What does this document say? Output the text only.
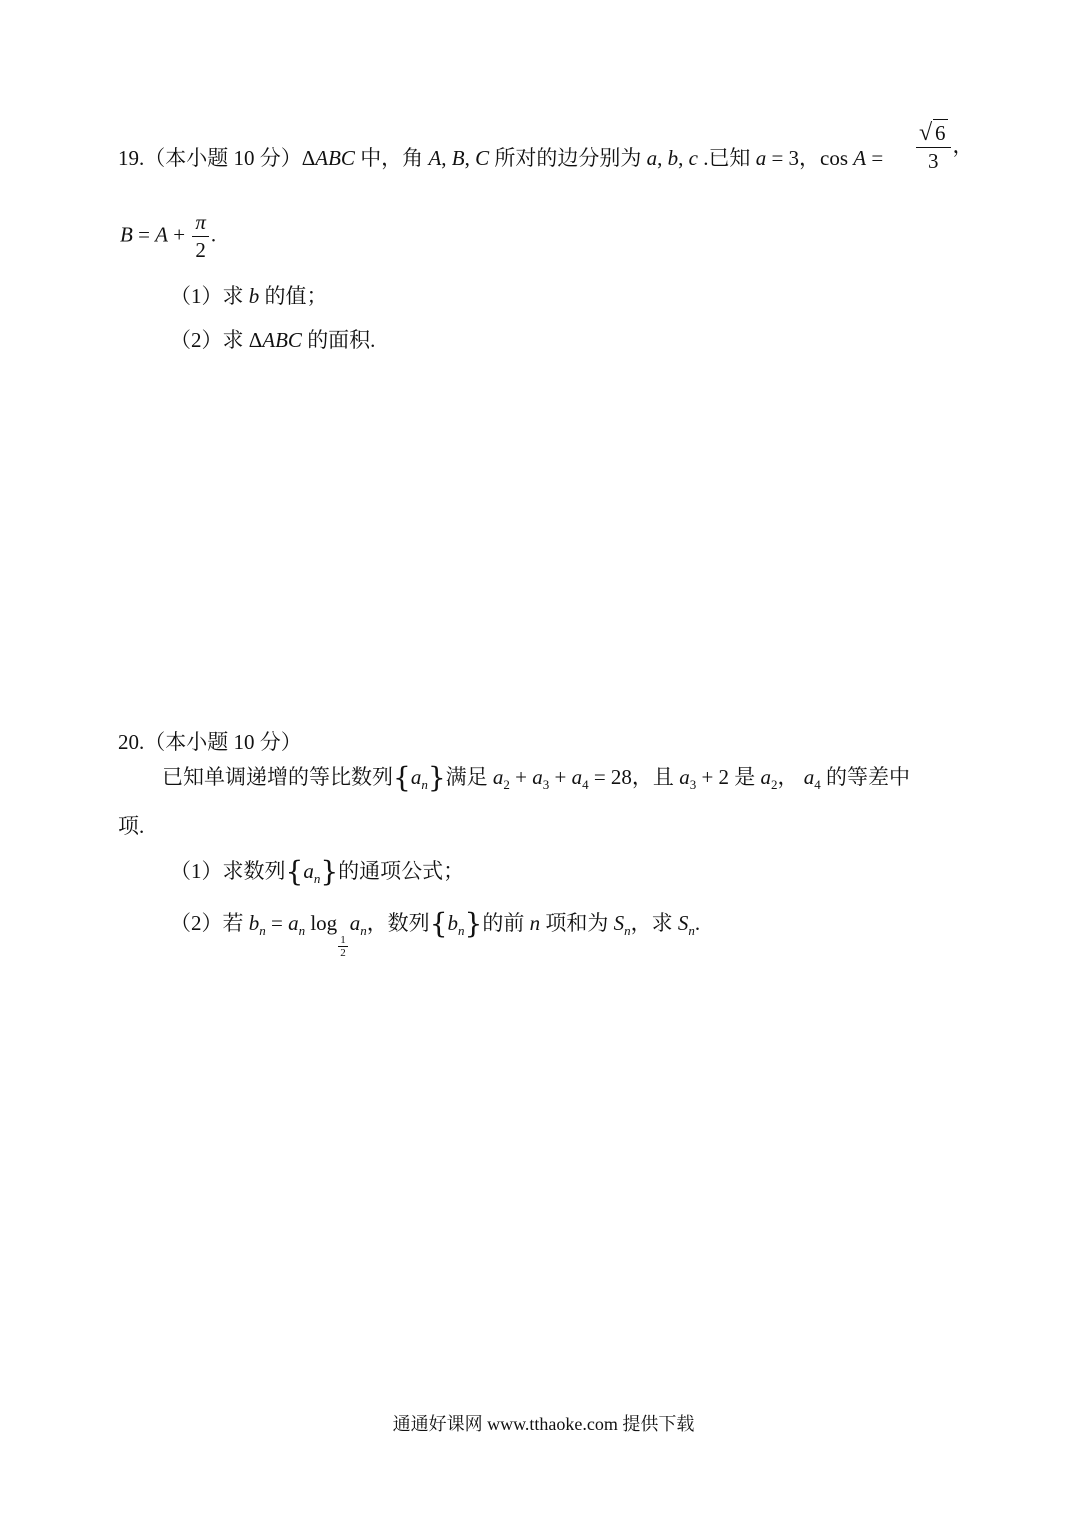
19.（本小题 10 分）ΔABC 中，角 A, B, C 所对的边分别为 a, b, c .已知 a = 3，$\cos A = \frac{√ 6}{3}$ ，
$B = A + \frac{\pi}{2}$ .
（1）求 b 的值；
（2）求 ΔABC 的面积.
20.（本小题 10 分）
已知单调递增的等比数列$\{a_n\}$满足 $a_2 + a_3 + a_4 = 28$，且 $a_3 + 2$ 是 $a_2$， $a_4$ 的等差中
项.
（1）求数列$\{a_n\}$的通项公式；
（2）若 $b_n = a_n$ log
$\frac{1}{2}$
$a_n$，数列$\{b_n\}$的前 n 项和为 $S_n$，求 $S_n$.
通通好课网 www.tthaoke.com 提供下载
